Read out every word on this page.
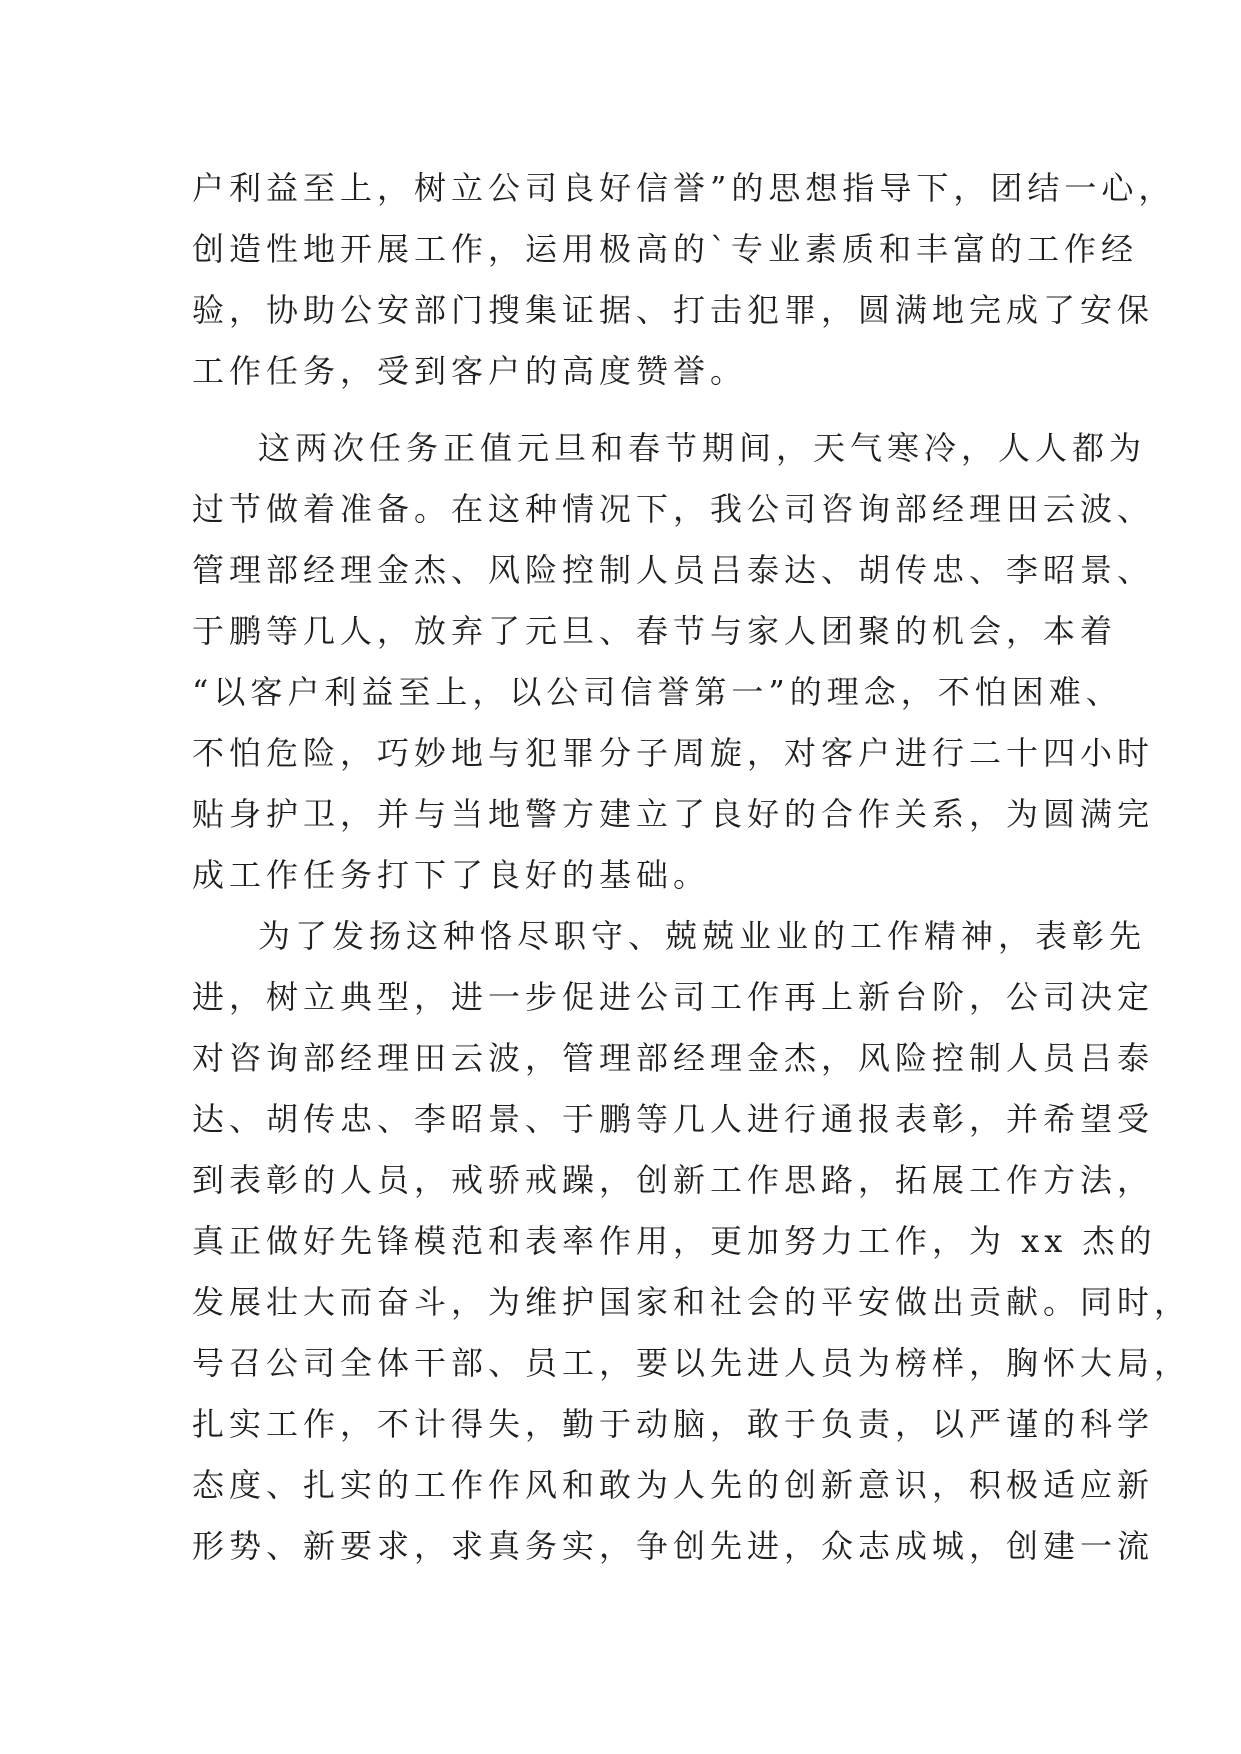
户利益至上，树立公司良好信誉”的思想指导下，团结一心，
创造性地开展工作，运用极高的`专业素质和丰富的工作经
验，协助公安部门搜集证据、打击犯罪，圆满地完成了安保
工作任务，受到客户的高度赞誉。
这两次任务正值元旦和春节期间，天气寒冷，人人都为
过节做着准备。在这种情况下，我公司咨询部经理田云波、
管理部经理金杰、风险控制人员吕泰达、胡传忠、李昭景、
于鹏等几人，放弃了元旦、春节与家人团聚的机会，本着
“以客户利益至上，以公司信誉第一”的理念，不怕困难、
不怕危险，巧妙地与犯罪分子周旋，对客户进行二十四小时
贴身护卫，并与当地警方建立了良好的合作关系，为圆满完
成工作任务打下了良好的基础。
为了发扬这种恪尽职守、兢兢业业的工作精神，表彰先
进，树立典型，进一步促进公司工作再上新台阶，公司决定
对咨询部经理田云波，管理部经理金杰，风险控制人员吕泰
达、胡传忠、李昭景、于鹏等几人进行通报表彰，并希望受
到表彰的人员，戒骄戒躁，创新工作思路，拓展工作方法，
真正做好先锋模范和表率作用，更加努力工作，为 xx 杰的
发展壮大而奋斗，为维护国家和社会的平安做出贡献。同时，
号召公司全体干部、员工，要以先进人员为榜样，胸怀大局，
扎实工作，不计得失，勤于动脑，敢于负责，以严谨的科学
态度、扎实的工作作风和敢为人先的创新意识，积极适应新
形势、新要求，求真务实，争创先进，众志成城，创建一流
